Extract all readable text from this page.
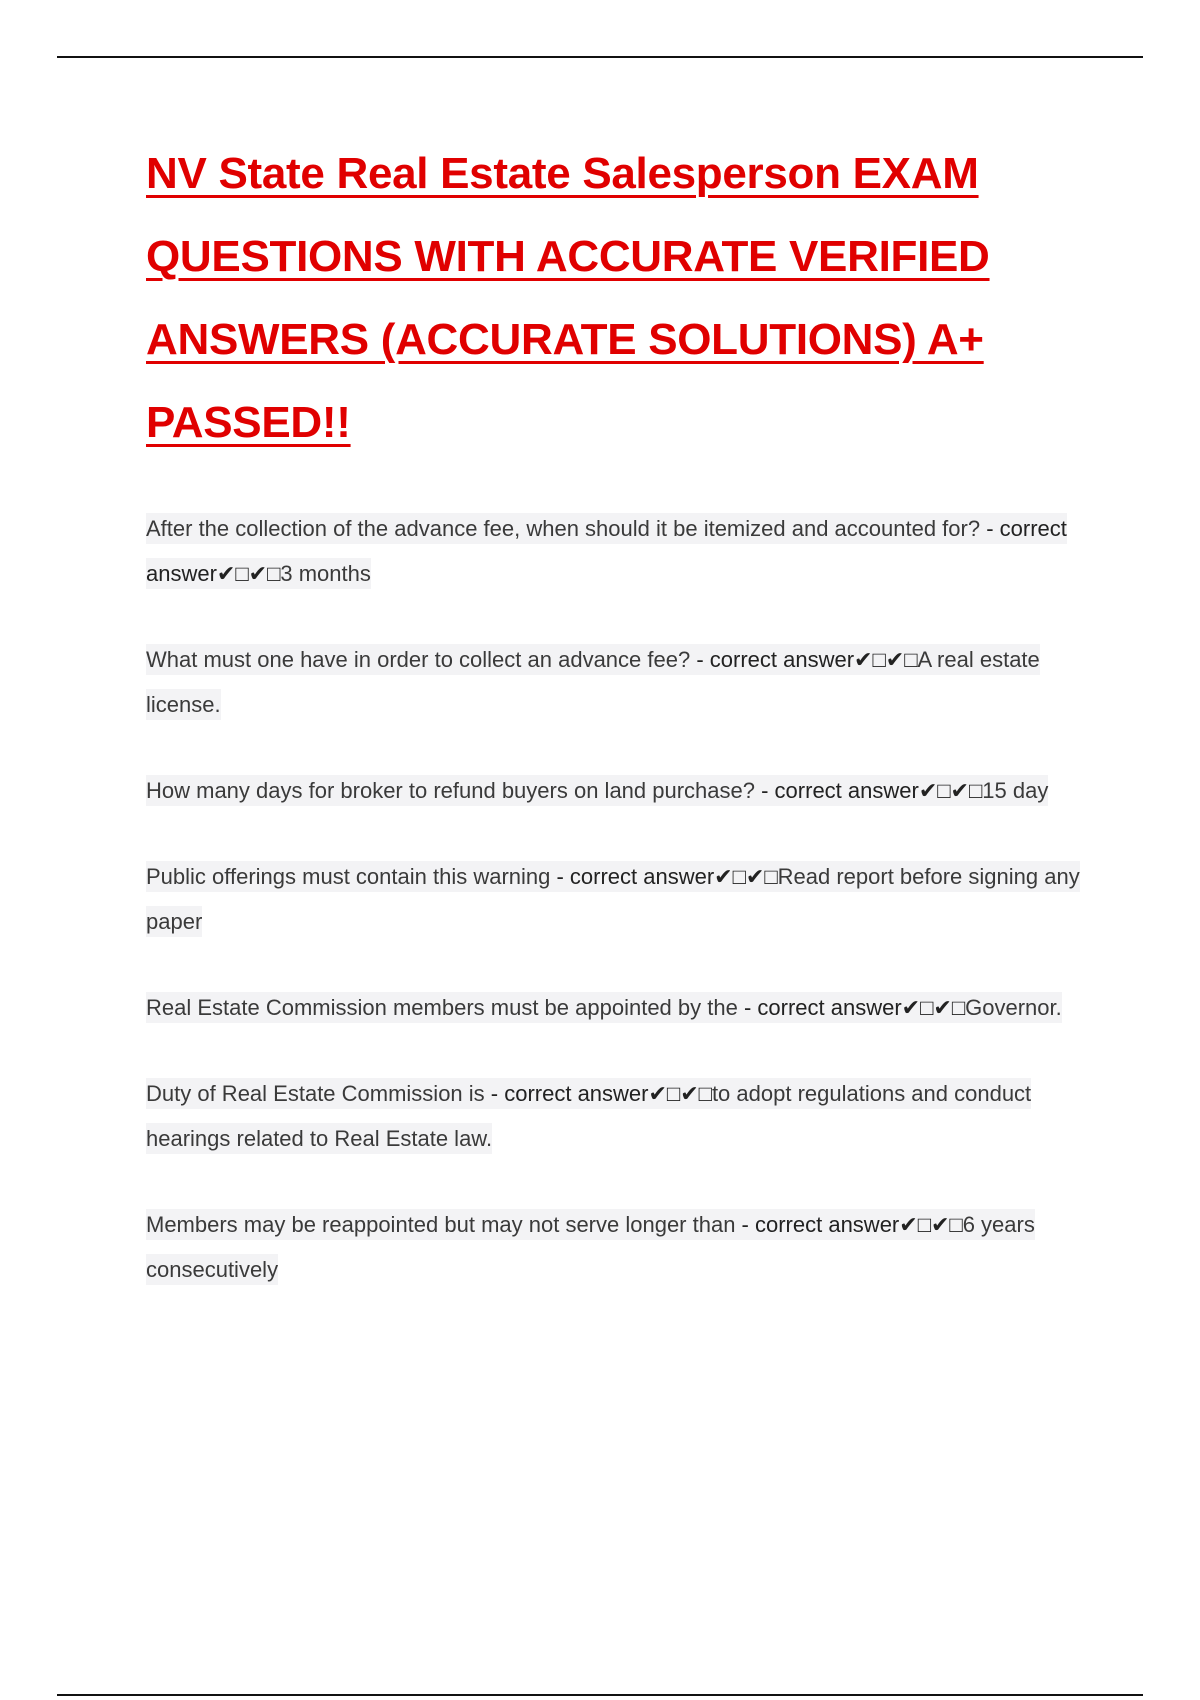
NV State Real Estate Salesperson EXAM QUESTIONS WITH ACCURATE VERIFIED ANSWERS (ACCURATE SOLUTIONS) A+ PASSED!!

After the collection of the advance fee, when should it be itemized and accounted for? - correct answer✔□✔□3 months

What must one have in order to collect an advance fee? - correct answer✔□✔□A real estate license.

How many days for broker to refund buyers on land purchase? - correct answer✔□✔□15 day

Public offerings must contain this warning - correct answer✔□✔□Read report before signing any paper

Real Estate Commission members must be appointed by the - correct answer✔□✔□Governor.

Duty of Real Estate Commission is - correct answer✔□✔□to adopt regulations and conduct hearings related to Real Estate law.

Members may be reappointed but may not serve longer than - correct answer✔□✔□6 years consecutively
